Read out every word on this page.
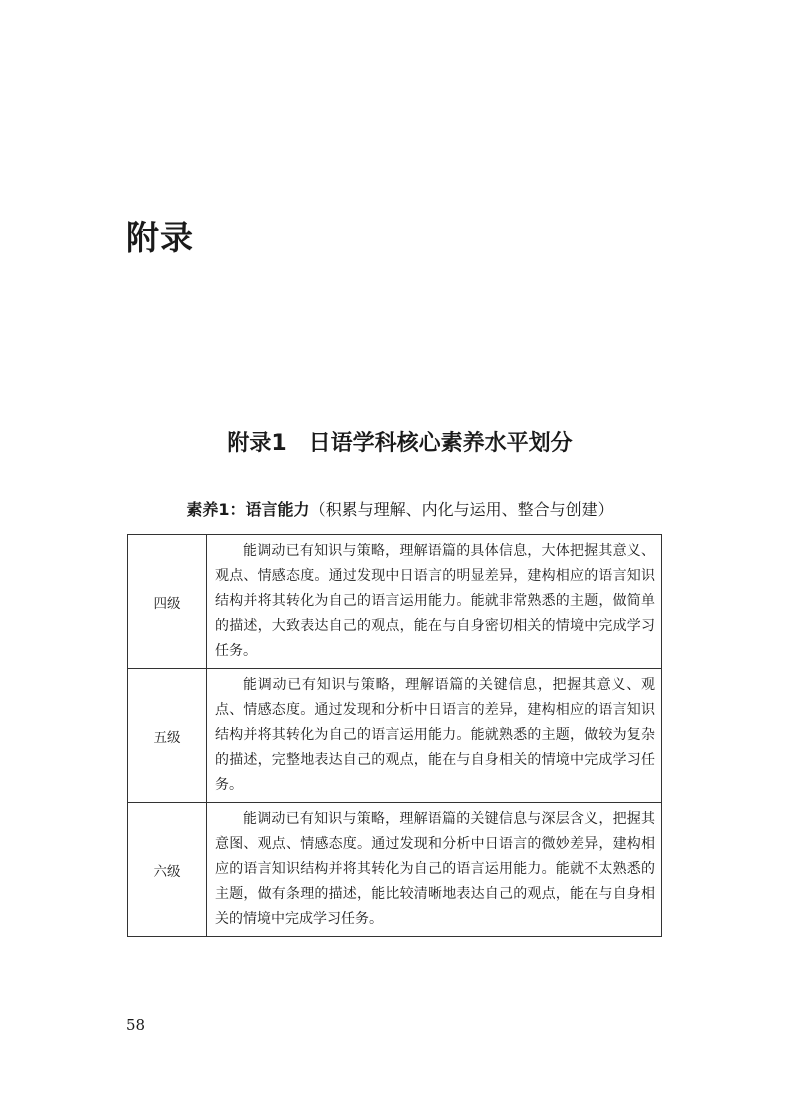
附录
附录1　日语学科核心素养水平划分

素养1：语言能力（积累与理解、内化与运用、整合与创建）

四级	能调动已有知识与策略，理解语篇的具体信息，大体把握其意义、观点、情感态度。通过发现中日语言的明显差异，建构相应的语言知识结构并将其转化为自己的语言运用能力。能就非常熟悉的主题，做简单的描述，大致表达自己的观点，能在与自身密切相关的情境中完成学习任务。
五级	能调动已有知识与策略，理解语篇的关键信息，把握其意义、观点、情感态度。通过发现和分析中日语言的差异，建构相应的语言知识结构并将其转化为自己的语言运用能力。能就熟悉的主题，做较为复杂的描述，完整地表达自己的观点，能在与自身相关的情境中完成学习任务。
六级	能调动已有知识与策略，理解语篇的关键信息与深层含义，把握其意图、观点、情感态度。通过发现和分析中日语言的微妙差异，建构相应的语言知识结构并将其转化为自己的语言运用能力。能就不太熟悉的主题，做有条理的描述，能比较清晰地表达自己的观点，能在与自身相关的情境中完成学习任务。

58
